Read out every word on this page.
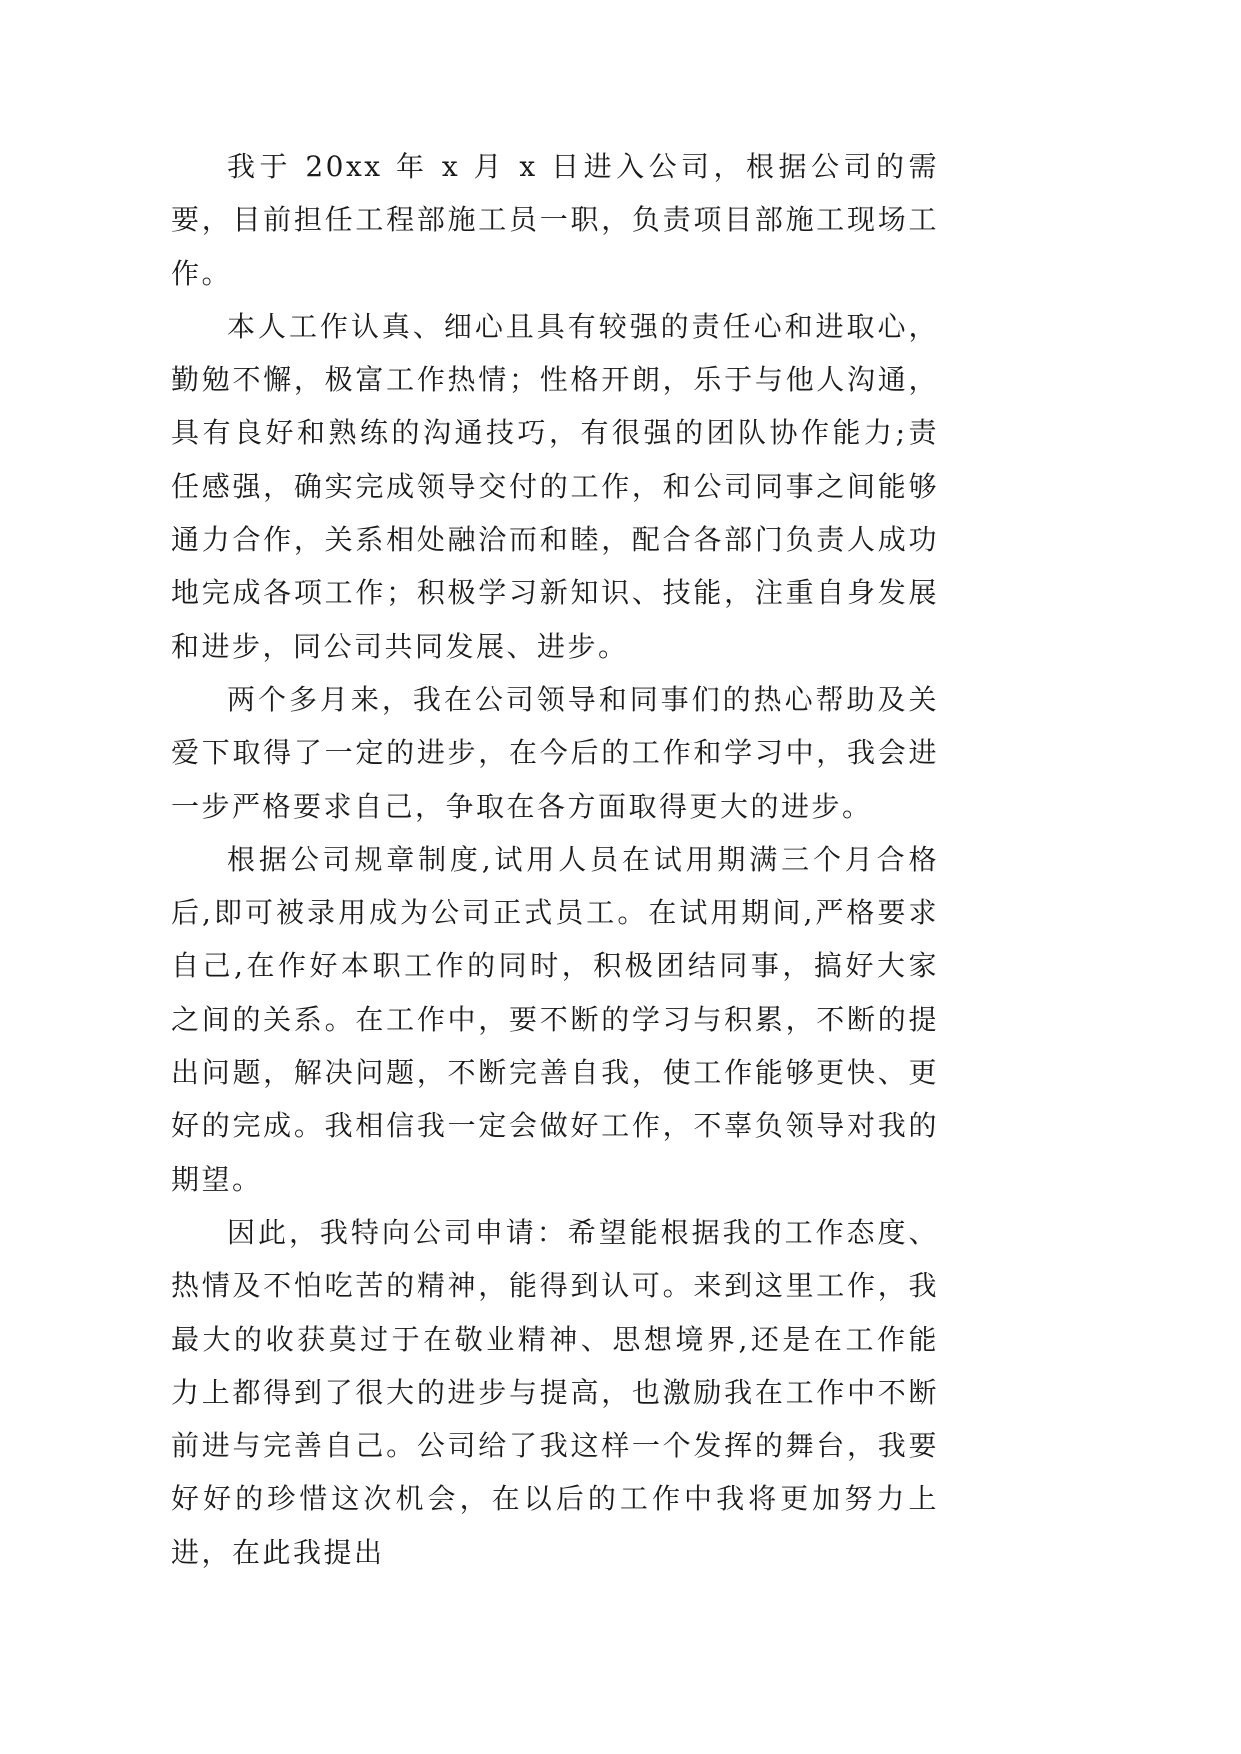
我于 20xx 年 x 月 x 日进入公司，根据公司的需要，目前担任工程部施工员一职，负责项目部施工现场工作。

本人工作认真、细心且具有较强的责任心和进取心，勤勉不懈，极富工作热情；性格开朗，乐于与他人沟通，具有良好和熟练的沟通技巧，有很强的团队协作能力;责任感强，确实完成领导交付的工作，和公司同事之间能够通力合作，关系相处融洽而和睦，配合各部门负责人成功地完成各项工作；积极学习新知识、技能，注重自身发展和进步，同公司共同发展、进步。

两个多月来，我在公司领导和同事们的热心帮助及关爱下取得了一定的进步，在今后的工作和学习中，我会进一步严格要求自己，争取在各方面取得更大的进步。

根据公司规章制度,试用人员在试用期满三个月合格后,即可被录用成为公司正式员工。在试用期间,严格要求自己,在作好本职工作的同时，积极团结同事，搞好大家之间的关系。在工作中，要不断的学习与积累，不断的提出问题，解决问题，不断完善自我，使工作能够更快、更好的完成。我相信我一定会做好工作，不辜负领导对我的期望。

因此，我特向公司申请：希望能根据我的工作态度、热情及不怕吃苦的精神，能得到认可。来到这里工作，我最大的收获莫过于在敬业精神、思想境界,还是在工作能力上都得到了很大的进步与提高，也激励我在工作中不断前进与完善自己。公司给了我这样一个发挥的舞台，我要好好的珍惜这次机会，在以后的工作中我将更加努力上进，在此我提出
